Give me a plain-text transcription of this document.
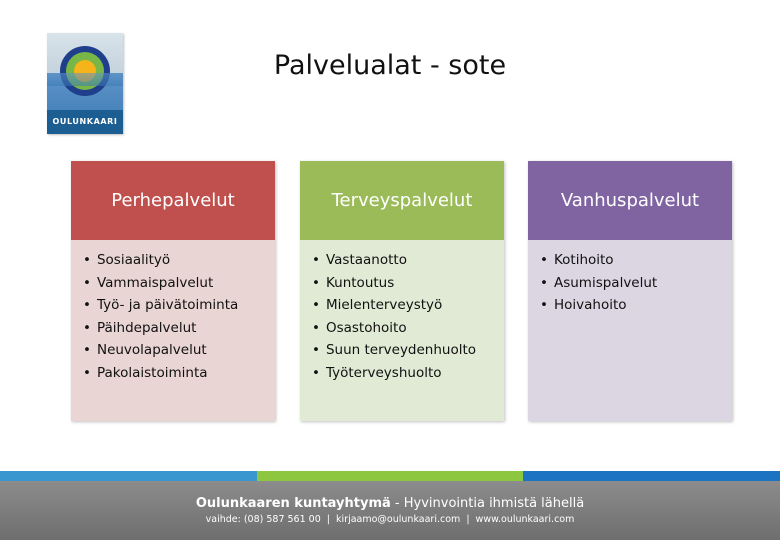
OULUNKAARI
Palvelualat - sote
Perhepalvelut
• Sosiaalityö
• Vammaispalvelut
• Työ- ja päivätoiminta
• Päihdepalvelut
• Neuvolapalvelut
• Pakolaistoiminta
Terveyspalvelut
• Vastaanotto
• Kuntoutus
• Mielenterveystyö
• Osastohoito
• Suun terveydenhuolto
• Työterveyshuolto
Vanhuspalvelut
• Kotihoito
• Asumispalvelut
• Hoivahoito
Oulunkaaren kuntayhtymä - Hyvinvointia ihmistä lähellä
vaihde: (08) 587 561 00  |  kirjaamo@oulunkaari.com  |  www.oulunkaari.com
